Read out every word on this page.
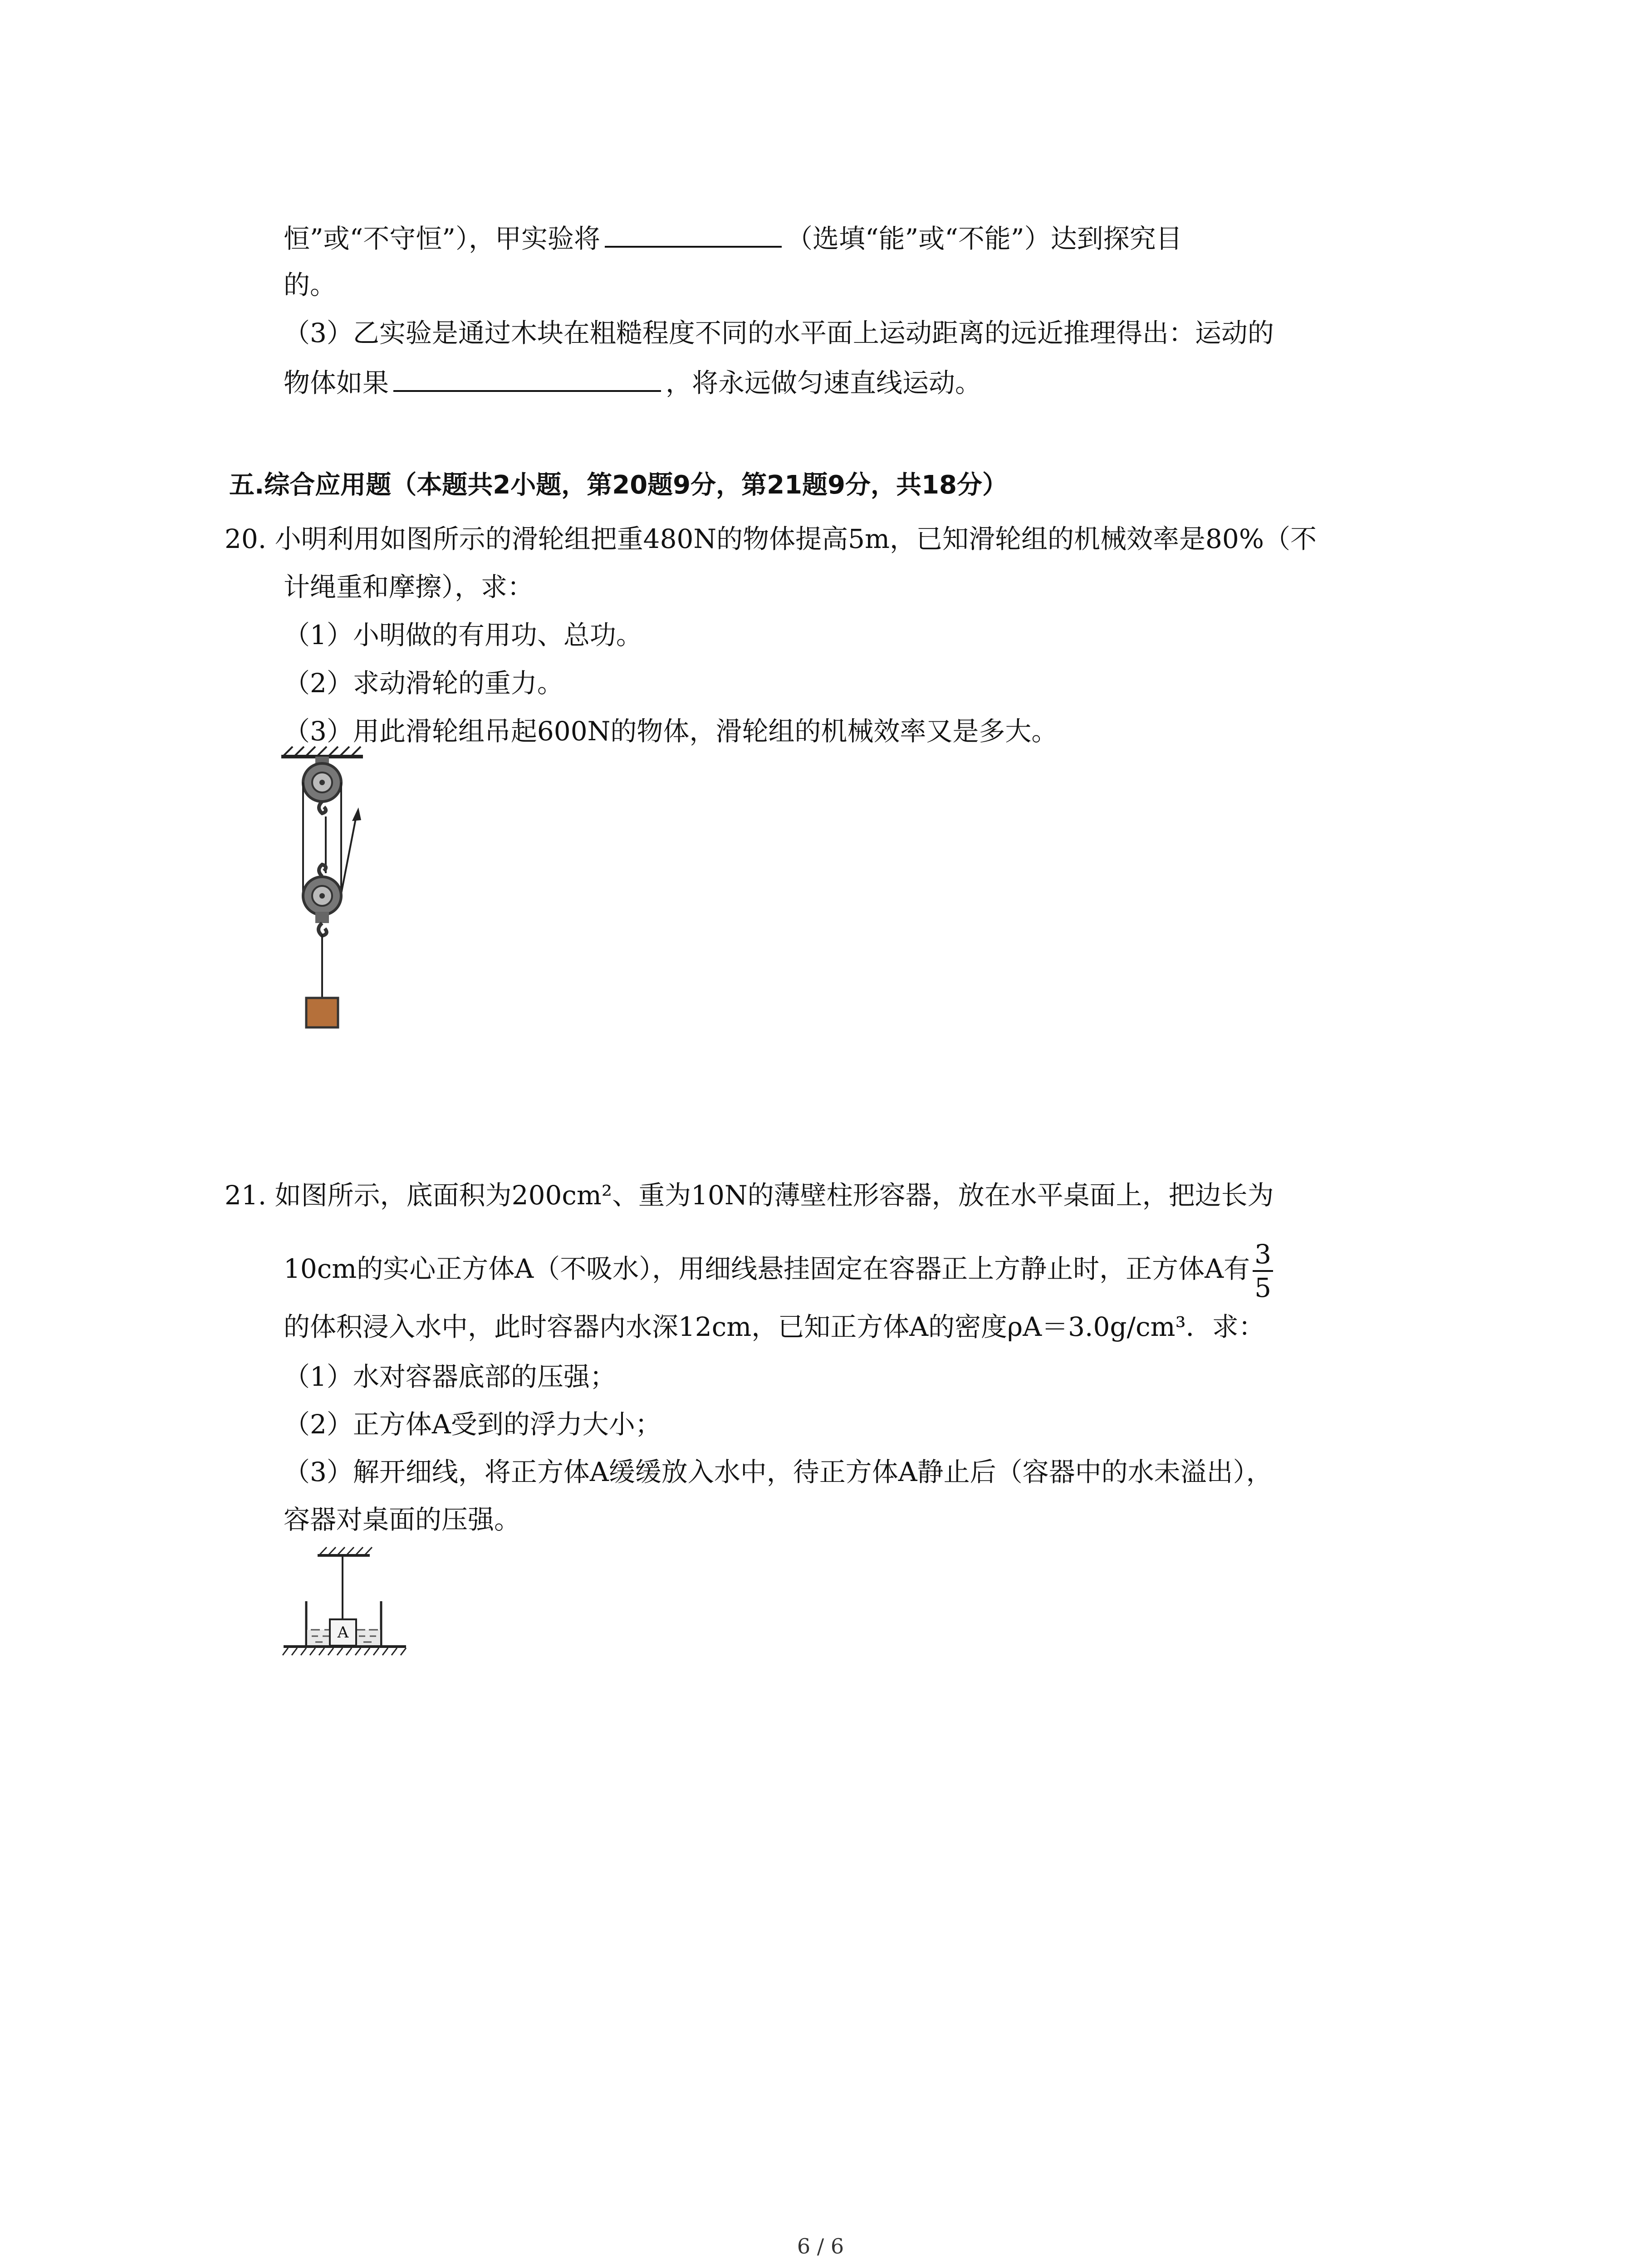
恒”或“不守恒”），甲实验将	（选填“能”或“不能”）达到探究目
的。
（3）乙实验是通过木块在粗糙程度不同的水平面上运动距离的远近推理得出：运动的
物体如果	，将永远做匀速直线运动。
五.综合应用题（本题共2小题，第20题9分，第21题9分，共18分）
20. 小明利用如图所示的滑轮组把重480N的物体提高5m，已知滑轮组的机械效率是80%（不
计绳重和摩擦），求：
（1）小明做的有用功、总功。
（2）求动滑轮的重力。
（3）用此滑轮组吊起600N的物体，滑轮组的机械效率又是多大。
21. 如图所示，底面积为200cm²、重为10N的薄壁柱形容器，放在水平桌面上，把边长为
10cm的实心正方体A（不吸水），用细线悬挂固定在容器正上方静止时，正方体A有 $\frac{3}{5}$
的体积浸入水中，此时容器内水深12cm，已知正方体A的密度ρA＝3.0g/cm³．求：
（1）水对容器底部的压强；
（2）正方体A受到的浮力大小；
（3）解开细线，将正方体A缓缓放入水中，待正方体A静止后（容器中的水未溢出），
容器对桌面的压强。
A
6 / 6
